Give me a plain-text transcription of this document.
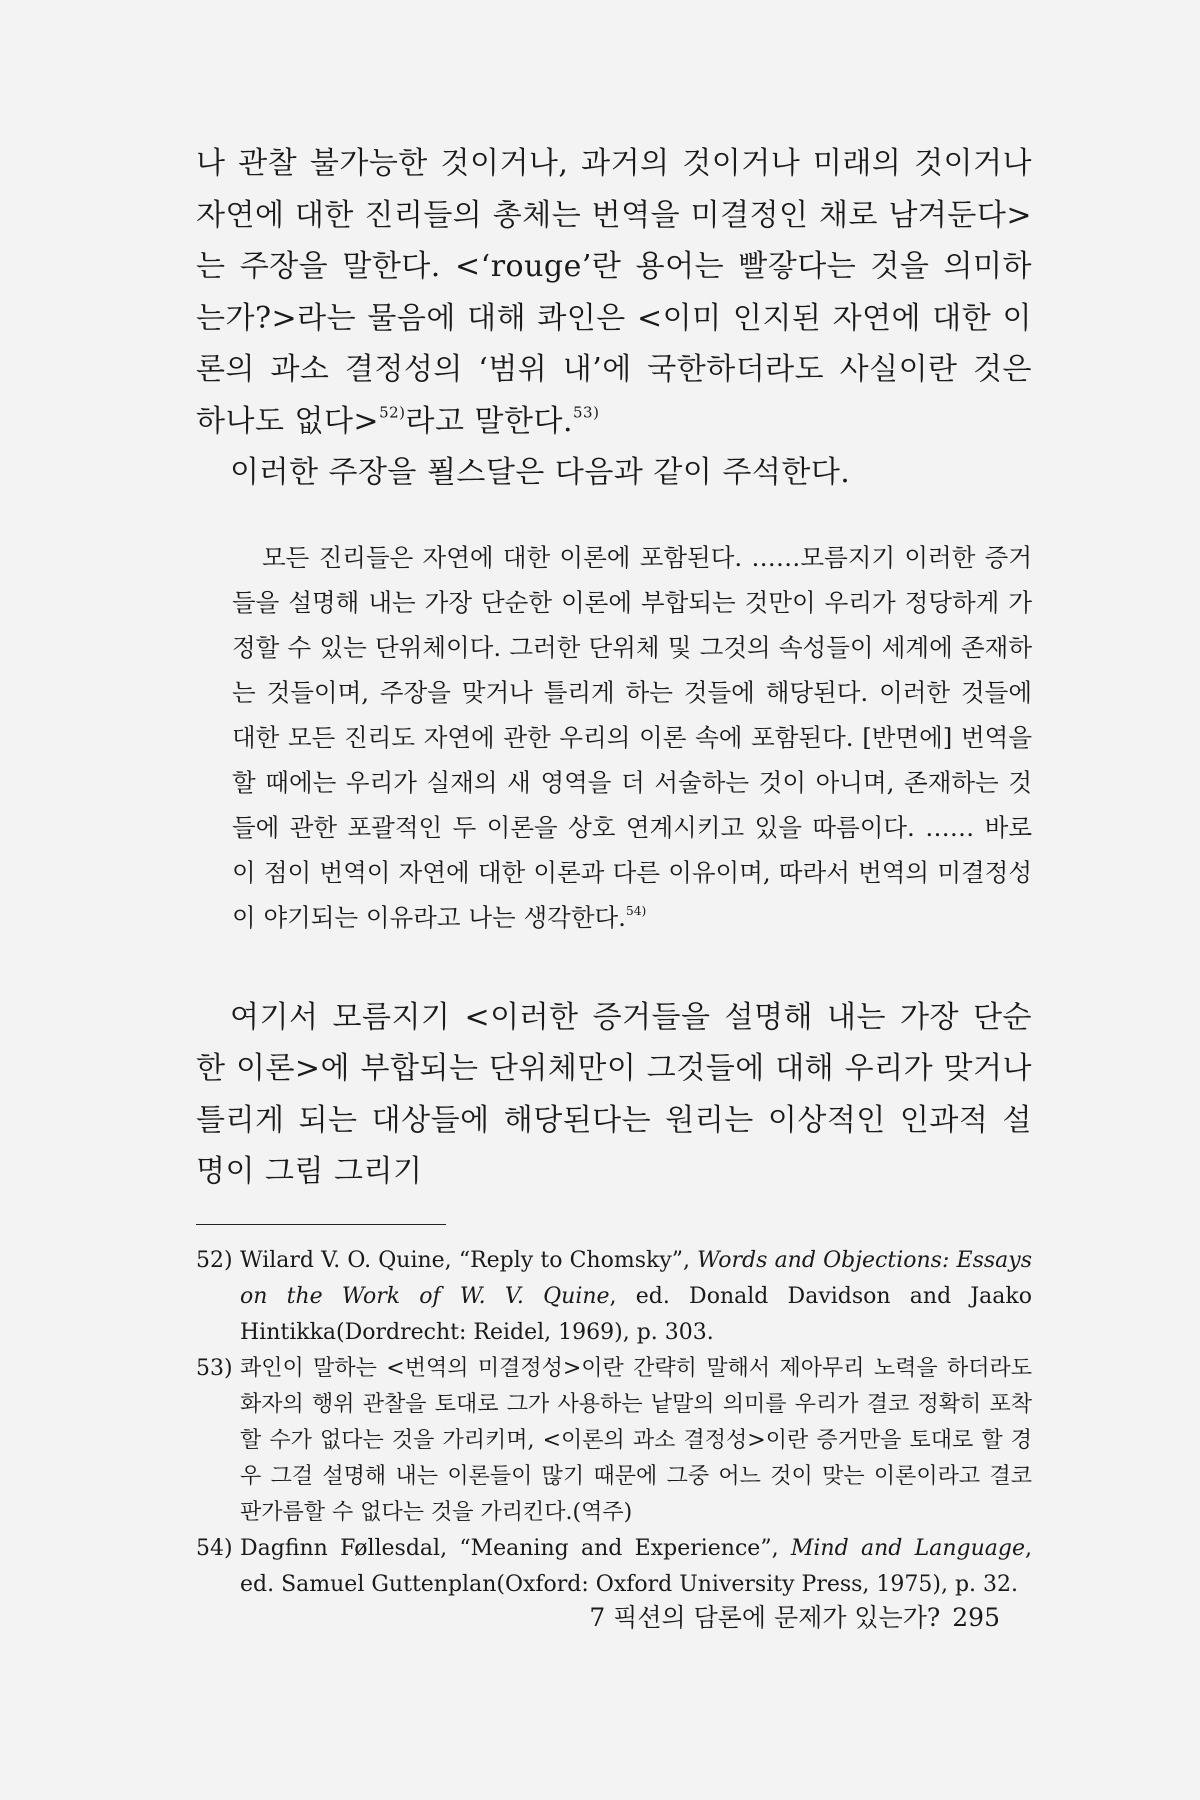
나 관찰 불가능한 것이거나, 과거의 것이거나 미래의 것이거나 자연에 대한 진리들의 총체는 번역을 미결정인 채로 남겨둔다>는 주장을 말한다. <‘rouge’란 용어는 빨갛다는 것을 의미하는가?>라는 물음에 대해 콰인은 <이미 인지된 자연에 대한 이론의 과소 결정성의 ‘범위 내’에 국한하더라도 사실이란 것은 하나도 없다>$^{52)}$라고 말한다.$^{53)}$

이러한 주장을 푈스달은 다음과 같이 주석한다.

모든 진리들은 자연에 대한 이론에 포함된다. ……모름지기 이러한 증거들을 설명해 내는 가장 단순한 이론에 부합되는 것만이 우리가 정당하게 가정할 수 있는 단위체이다. 그러한 단위체 및 그것의 속성들이 세계에 존재하는 것들이며, 주장을 맞거나 틀리게 하는 것들에 해당된다. 이러한 것들에 대한 모든 진리도 자연에 관한 우리의 이론 속에 포함된다. [반면에] 번역을 할 때에는 우리가 실재의 새 영역을 더 서술하는 것이 아니며, 존재하는 것들에 관한 포괄적인 두 이론을 상호 연계시키고 있을 따름이다. …… 바로 이 점이 번역이 자연에 대한 이론과 다른 이유이며, 따라서 번역의 미결정성이 야기되는 이유라고 나는 생각한다.$^{54)}$

여기서 모름지기 <이러한 증거들을 설명해 내는 가장 단순한 이론>에 부합되는 단위체만이 그것들에 대해 우리가 맞거나 틀리게 되는 대상들에 해당된다는 원리는 이상적인 인과적 설명이 그림 그리기

52) Wilard V. O. Quine, “Reply to Chomsky”, Words and Objections: Essays on the Work of W. V. Quine, ed. Donald Davidson and Jaako Hintikka(Dordrecht: Reidel, 1969), p. 303.
53) 콰인이 말하는 <번역의 미결정성>이란 간략히 말해서 제아무리 노력을 하더라도 화자의 행위 관찰을 토대로 그가 사용하는 낱말의 의미를 우리가 결코 정확히 포착할 수가 없다는 것을 가리키며, <이론의 과소 결정성>이란 증거만을 토대로 할 경우 그걸 설명해 내는 이론들이 많기 때문에 그중 어느 것이 맞는 이론이라고 결코 판가름할 수 없다는 것을 가리킨다.(역주)
54) Dagfinn Føllesdal, “Meaning and Experience”, Mind and Language, ed. Samuel Guttenplan(Oxford: Oxford University Press, 1975), p. 32.
7 픽션의 담론에 문제가 있는가? 295
